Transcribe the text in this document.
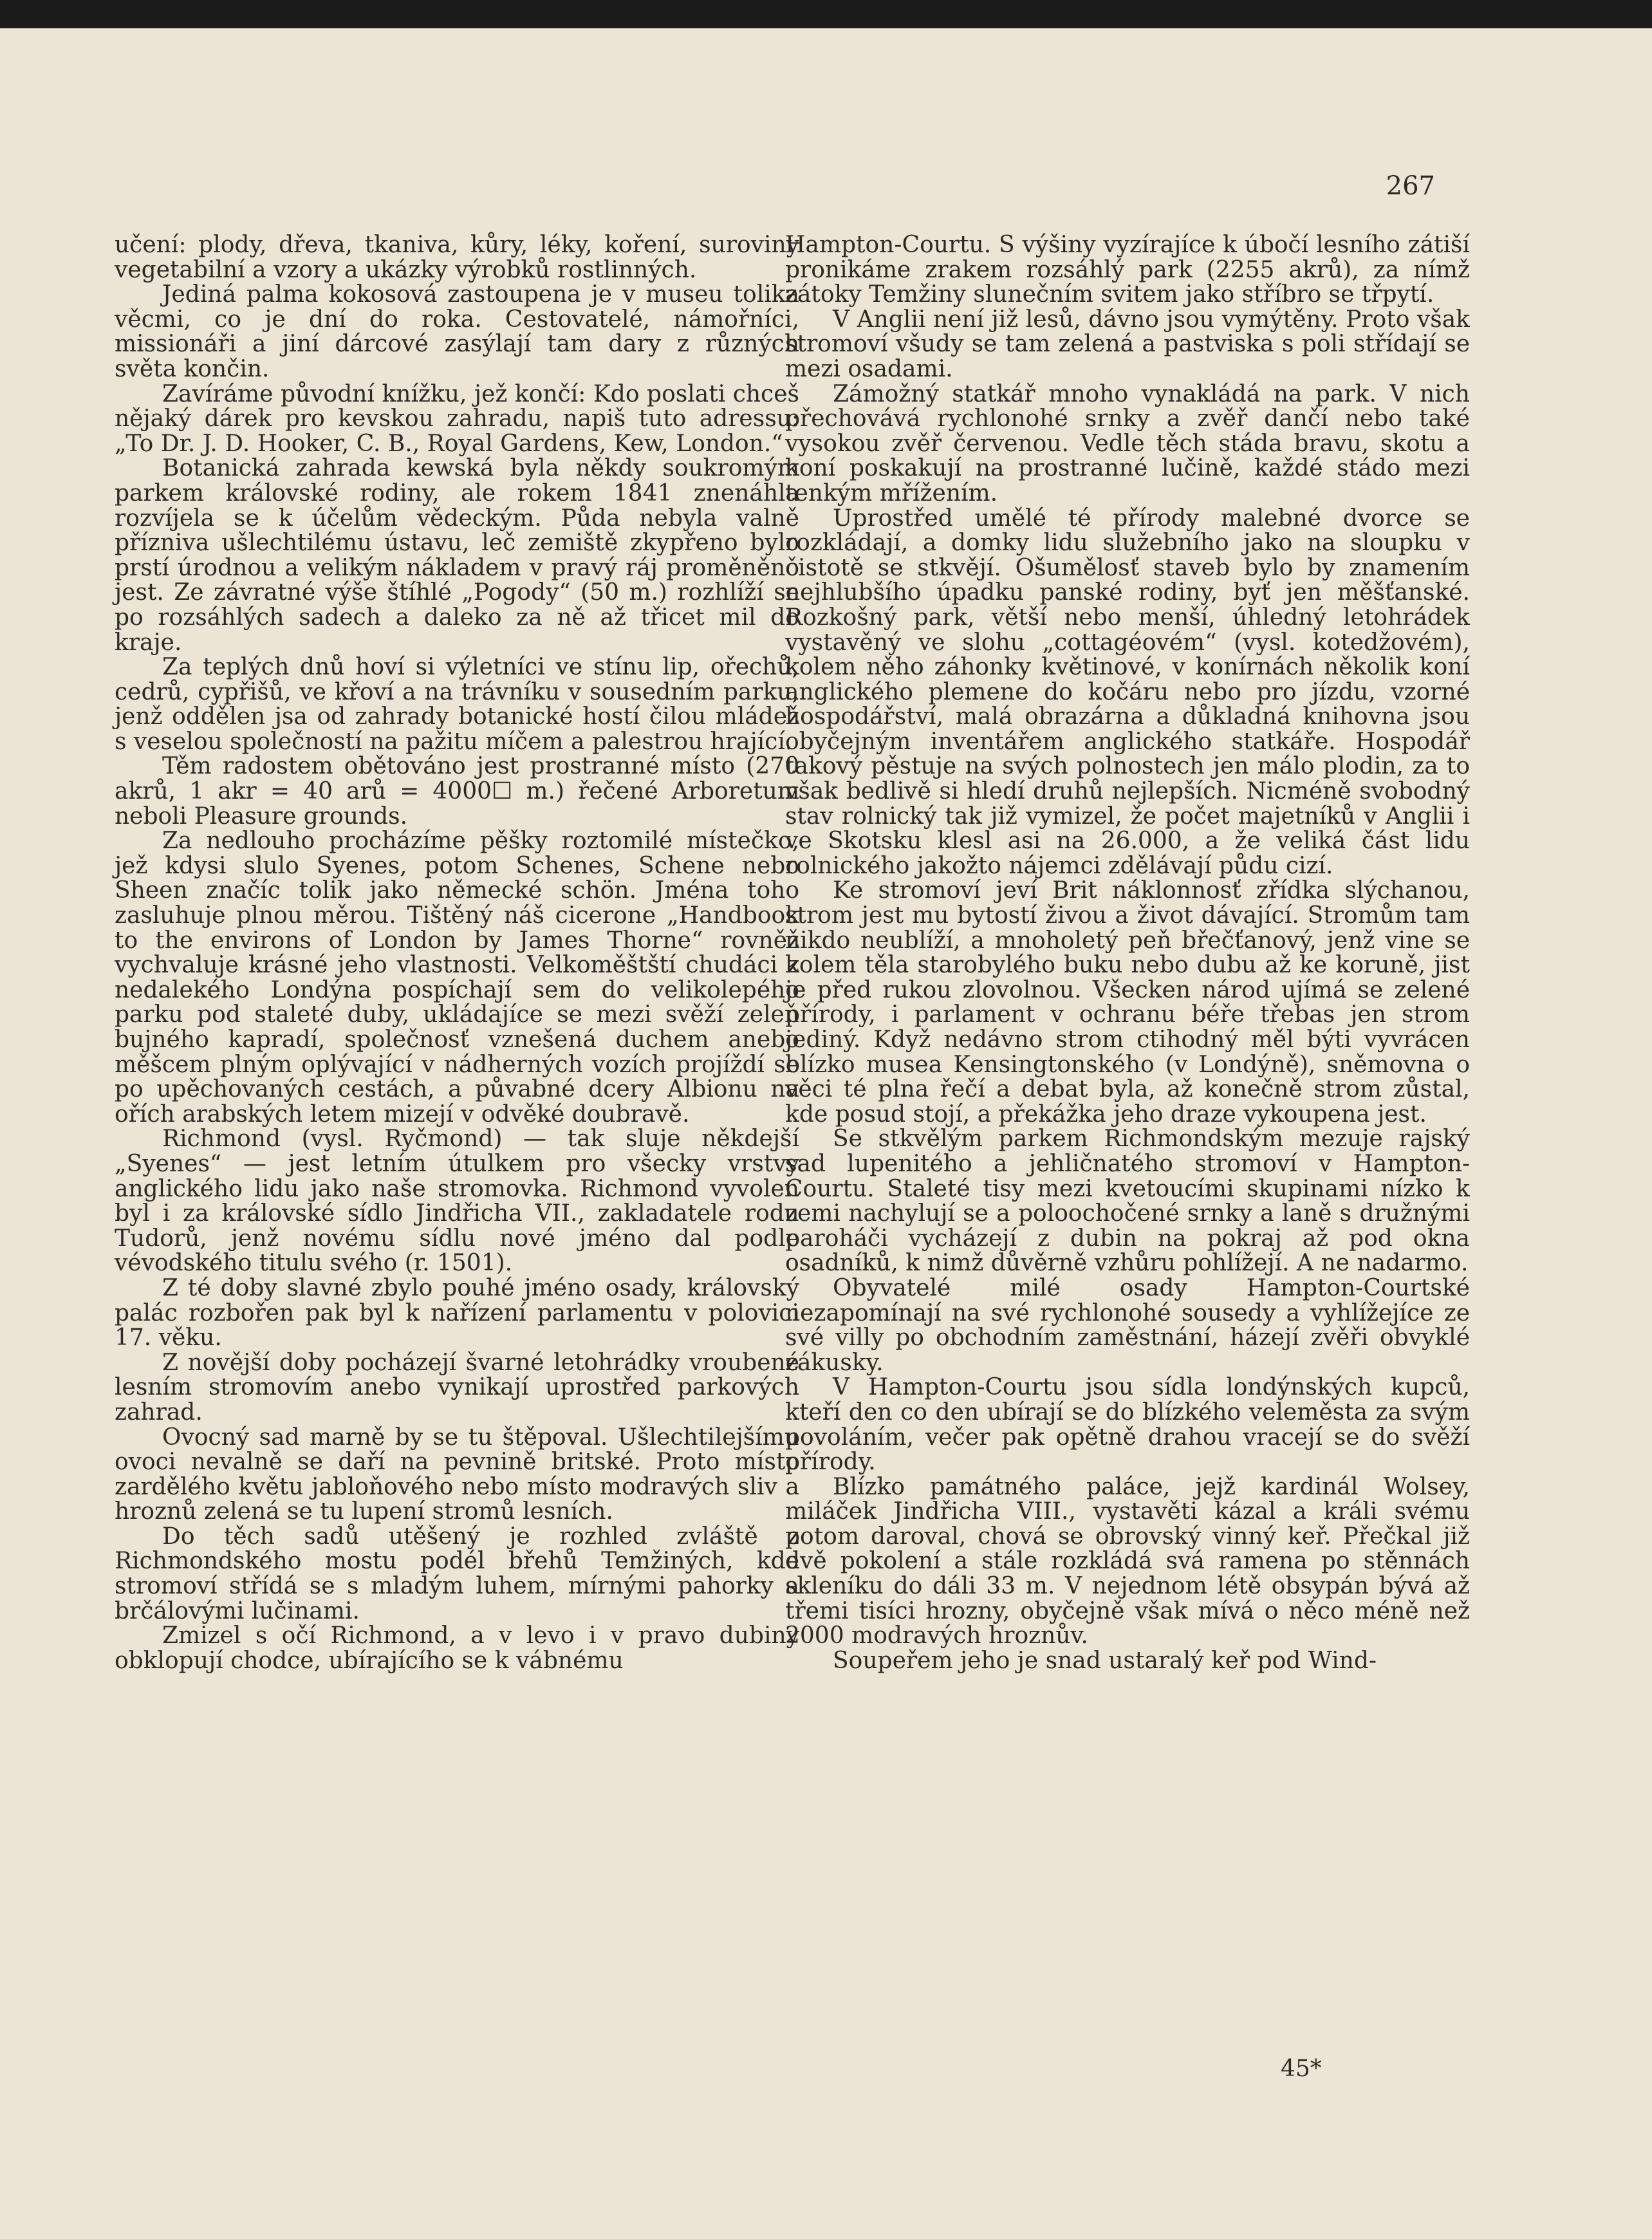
267

učení: plody, dřeva, tkaniva, kůry, léky, koření, suroviny vegetabilní a vzory a ukázky výrobků rostlinných.

Jediná palma kokosová zastoupena je v museu tolika věcmi, co je dní do roka. Cestovatelé, námořníci, missionáři a jiní dárcové zasýlají tam dary z různých světa končin.

Zavíráme původní knížku, jež končí: Kdo poslati chceš nějaký dárek pro kevskou zahradu, napiš tuto adressu: „To Dr. J. D. Hooker, C. B., Royal Gardens, Kew, London.“

Botanická zahrada kewská byla někdy soukromým parkem královské rodiny, ale rokem 1841 znenáhla rozvíjela se k účelům vědeckým. Půda nebyla valně přízniva ušlechtilému ústavu, leč zemiště zkypřeno bylo prstí úrodnou a velikým nákladem v pravý ráj proměněno jest. Ze závratné výše štíhlé „Pogody“ (50 m.) rozhlíží se po rozsáhlých sadech a daleko za ně až třicet mil do kraje.

Za teplých dnů hoví si výletníci ve stínu lip, ořechů, cedrů, cypřišů, ve křoví a na trávníku v sousedním parku, jenž oddělen jsa od zahrady botanické hostí čilou mládež s veselou společností na pažitu míčem a palestrou hrající.

Těm radostem obětováno jest prostranné místo (270 akrů, 1 akr = 40 arů = 4000☐ m.) řečené Arboretum neboli Pleasure grounds.

Za nedlouho procházíme pěšky roztomilé místečko, jež kdysi slulo Syenes, potom Schenes, Schene nebo Sheen značíc tolik jako německé schön. Jména toho zasluhuje plnou měrou. Tištěný náš cicerone „Handbook to the environs of London by James Thorne“ rovněž vychvaluje krásné jeho vlastnosti. Velkoměštští chudáci z nedalekého Londýna pospíchají sem do velikolepého parku pod staleté duby, ukládajíce se mezi svěží zeleň bujného kapradí, společnosť vznešená duchem anebo měšcem plným oplývající v nádherných vozích projíždí se po upěchovaných cestách, a půvabné dcery Albionu na ořích arabských letem mizejí v odvěké doubravě.

Richmond (vysl. Ryčmond) — tak sluje někdejší „Syenes“ — jest letním útulkem pro všecky vrstvy anglického lidu jako naše stromovka. Richmond vyvolen byl i za královské sídlo Jindřicha VII., zakladatele rodu Tudorů, jenž novému sídlu nové jméno dal podle vévodského titulu svého (r. 1501).

Z té doby slavné zbylo pouhé jméno osady, královský palác rozbořen pak byl k nařízení parlamentu v polovici 17. věku.

Z novější doby pocházejí švarné letohrádky vroubené lesním stromovím anebo vynikají uprostřed parkových zahrad.

Ovocný sad marně by se tu štěpoval. Ušlechtilejšímu ovoci nevalně se daří na pevnině britské. Proto místo zardělého květu jabloňového nebo místo modravých sliv a hroznů zelená se tu lupení stromů lesních.

Do těch sadů utěšený je rozhled zvláště z Richmondského mostu podél břehů Temžiných, kde stromoví střídá se s mladým luhem, mírnými pahorky a brčálovými lučinami.

Zmizel s očí Richmond, a v levo i v pravo dubiny obklopují chodce, ubírajícího se k vábnému

Hampton-Courtu. S výšiny vyzírajíce k úbočí lesního zátiší pronikáme zrakem rozsáhlý park (2255 akrů), za nímž zátoky Temžiny slunečním svitem jako stříbro se třpytí.

V Anglii není již lesů, dávno jsou vymýtěny. Proto však stromoví všudy se tam zelená a pastviska s poli střídají se mezi osadami.

Zámožný statkář mnoho vynakládá na park. V nich přechovává rychlonohé srnky a zvěř dančí nebo také vysokou zvěř červenou. Vedle těch stáda bravu, skotu a koní poskakují na prostranné lučině, každé stádo mezi tenkým mřížením.

Uprostřed umělé té přírody malebné dvorce se rozkládají, a domky lidu služebního jako na sloupku v čistotě se stkvějí. Ošumělosť staveb bylo by znamením nejhlubšího úpadku panské rodiny, byť jen měšťanské. Rozkošný park, větší nebo menší, úhledný letohrádek vystavěný ve slohu „cottagéovém“ (vysl. kotedžovém), kolem něho záhonky květinové, v konírnách několik koní anglického plemene do kočáru nebo pro jízdu, vzorné hospodářství, malá obrazárna a důkladná knihovna jsou obyčejným inventářem anglického statkáře. Hospodář takový pěstuje na svých polnostech jen málo plodin, za to však bedlivě si hledí druhů nejlepších. Nicméně svobodný stav rolnický tak již vymizel, že počet majetníků v Anglii i ve Skotsku klesl asi na 26.000, a že veliká část lidu rolnického jakožto nájemci zdělávají půdu cizí.

Ke stromoví jeví Brit náklonnosť zřídka slýchanou, strom jest mu bytostí živou a život dávající. Stromům tam nikdo neublíží, a mnoholetý peň břečťanový, jenž vine se kolem těla starobylého buku nebo dubu až ke koruně, jist je před rukou zlovolnou. Všecken národ ujímá se zelené přírody, i parlament v ochranu béře třebas jen strom jediný. Když nedávno strom ctihodný měl býti vyvrácen blízko musea Kensingtonského (v Londýně), sněmovna o věci té plna řečí a debat byla, až konečně strom zůstal, kde posud stojí, a překážka jeho draze vykoupena jest.

Se stkvělým parkem Richmondským mezuje rajský sad lupenitého a jehličnatého stromoví v Hampton-Courtu. Staleté tisy mezi kvetoucími skupinami nízko k zemi nachylují se a poloochočené srnky a laně s družnými paroháči vycházejí z dubin na pokraj až pod okna osadníků, k nimž důvěrně vzhůru pohlížejí. A ne nadarmo.

Obyvatelé milé osady Hampton-Courtské nezapomínají na své rychlonohé sousedy a vyhlížejíce ze své villy po obchodním zaměstnání, házejí zvěři obvyklé zákusky.

V Hampton-Courtu jsou sídla londýnských kupců, kteří den co den ubírají se do blízkého veleměsta za svým povoláním, večer pak opětně drahou vracejí se do svěží přírody.

Blízko památného paláce, jejž kardinál Wolsey, miláček Jindřicha VIII., vystavěti kázal a králi svému potom daroval, chová se obrovský vinný keř. Přečkal již dvě pokolení a stále rozkládá svá ramena po stěnnách skleníku do dáli 33 m. V nejednom létě obsypán bývá až třemi tisíci hrozny, obyčejně však mívá o něco méně než 2000 modravých hroznův.

Soupeřem jeho je snad ustaralý keř pod Wind-

45*
